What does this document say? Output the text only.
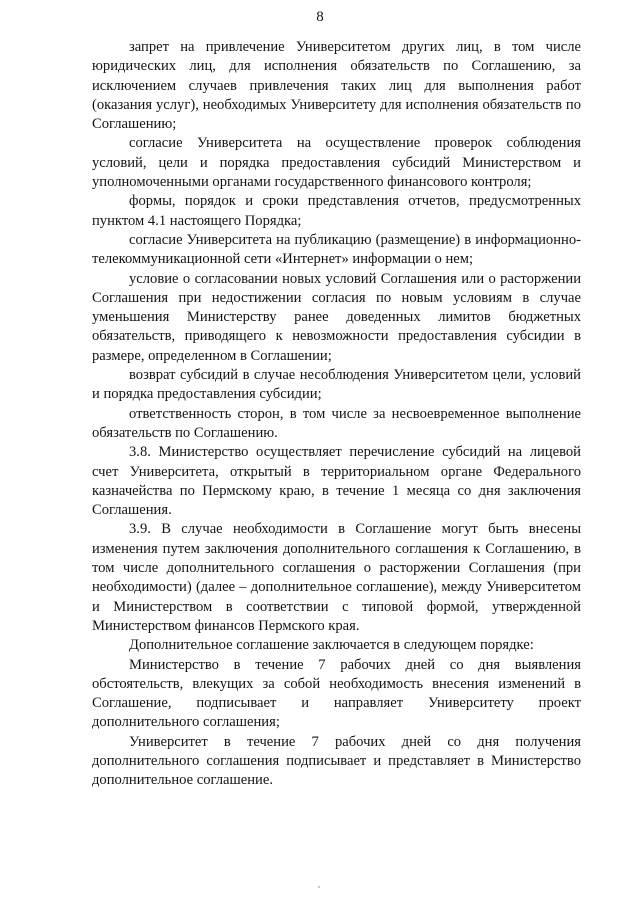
8

запрет на привлечение Университетом других лиц, в том числе юридических лиц, для исполнения обязательств по Соглашению, за исключением случаев привлечения таких лиц для выполнения работ (оказания услуг), необходимых Университету для исполнения обязательств по Соглашению;

согласие Университета на осуществление проверок соблюдения условий, цели и порядка предоставления субсидий Министерством и уполномоченными органами государственного финансового контроля;

формы, порядок и сроки представления отчетов, предусмотренных пунктом 4.1 настоящего Порядка;

согласие Университета на публикацию (размещение) в информационно-телекоммуникационной сети «Интернет» информации о нем;

условие о согласовании новых условий Соглашения или о расторжении Соглашения при недостижении согласия по новым условиям в случае уменьшения Министерству ранее доведенных лимитов бюджетных обязательств, приводящего к невозможности предоставления субсидии в размере, определенном в Соглашении;

возврат субсидий в случае несоблюдения Университетом цели, условий и порядка предоставления субсидии;

ответственность сторон, в том числе за несвоевременное выполнение обязательств по Соглашению.

3.8. Министерство осуществляет перечисление субсидий на лицевой счет Университета, открытый в территориальном органе Федерального казначейства по Пермскому краю, в течение 1 месяца со дня заключения Соглашения.

3.9. В случае необходимости в Соглашение могут быть внесены изменения путем заключения дополнительного соглашения к Соглашению, в том числе дополнительного соглашения о расторжении Соглашения (при необходимости) (далее – дополнительное соглашение), между Университетом и Министерством в соответствии с типовой формой, утвержденной Министерством финансов Пермского края.

Дополнительное соглашение заключается в следующем порядке:

Министерство в течение 7 рабочих дней со дня выявления обстоятельств, влекущих за собой необходимость внесения изменений в Соглашение, подписывает и направляет Университету проект дополнительного соглашения;

Университет в течение 7 рабочих дней со дня получения дополнительного соглашения подписывает и представляет в Министерство дополнительное соглашение.
